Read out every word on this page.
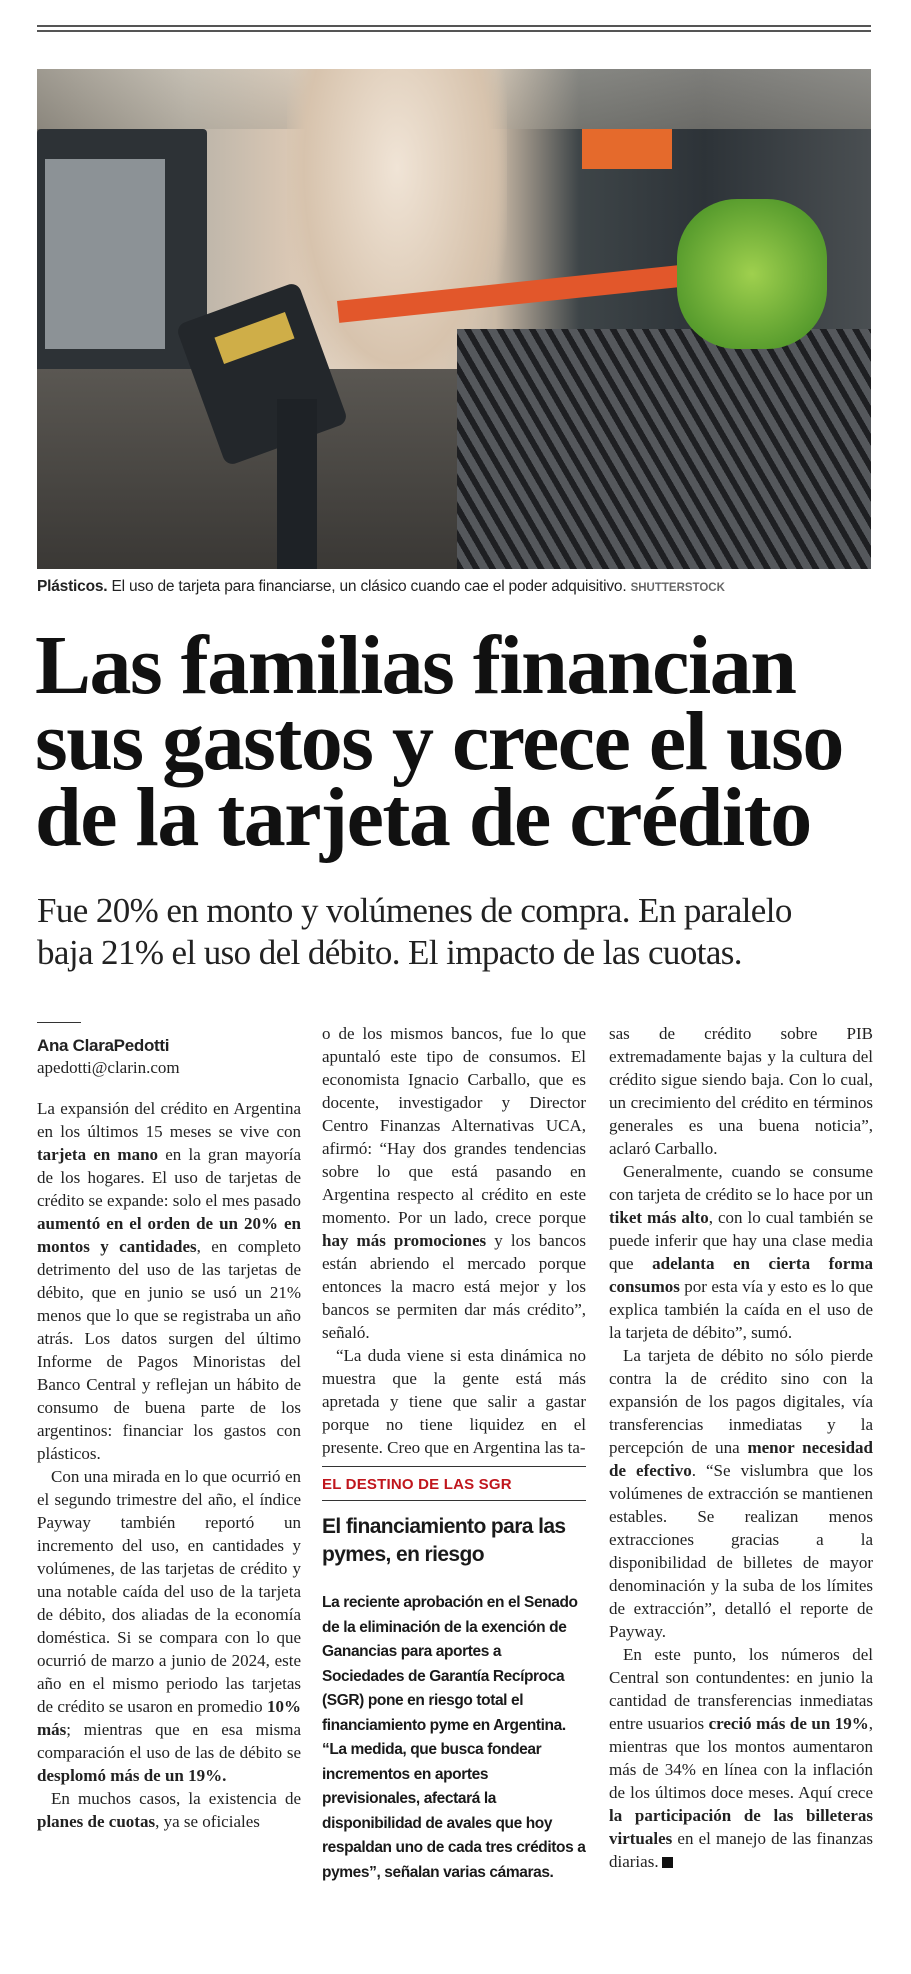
Plásticos. El uso de tarjeta para financiarse, un clásico cuando cae el poder adquisitivo. SHUTTERSTOCK
Las familias financian
sus gastos y crece el uso
de la tarjeta de crédito
Fue 20% en monto y volúmenes de compra. En paralelo
baja 21% el uso del débito. El impacto de las cuotas.
Ana ClaraPedotti
apedotti@clarin.com

La expansión del crédito en Argentina en los últimos 15 meses se vive con tarjeta en mano en la gran mayoría de los hogares. El uso de tarjetas de crédito se expande: solo el mes pasado aumentó en el orden de un 20% en montos y cantidades, en completo detrimento del uso de las tarjetas de débito, que en junio se usó un 21% menos que lo que se registraba un año atrás. Los datos surgen del último Informe de Pagos Minoristas del Banco Central y reflejan un hábito de consumo de buena parte de los argentinos: financiar los gastos con plásticos.

Con una mirada en lo que ocurrió en el segundo trimestre del año, el índice Payway también reportó un incremento del uso, en cantidades y volúmenes, de las tarjetas de crédito y una notable caída del uso de la tarjeta de débito, dos aliadas de la economía doméstica. Si se compara con lo que ocurrió de marzo a junio de 2024, este año en el mismo periodo las tarjetas de crédito se usaron en promedio 10% más; mientras que en esa misma comparación el uso de las de débito se desplomó más de un 19%.

En muchos casos, la existencia de planes de cuotas, ya se oficiales

o de los mismos bancos, fue lo que apuntaló este tipo de consumos. El economista Ignacio Carballo, que es docente, investigador y Director Centro Finanzas Alternativas UCA, afirmó: “Hay dos grandes tendencias sobre lo que está pasando en Argentina respecto al crédito en este momento. Por un lado, crece porque hay más promociones y los bancos están abriendo el mercado porque entonces la macro está mejor y los bancos se permiten dar más crédito”, señaló.

“La duda viene si esta dinámica no muestra que la gente está más apretada y tiene que salir a gastar porque no tiene liquidez en el presente. Creo que en Argentina las ta-

sas de crédito sobre PIB extremadamente bajas y la cultura del crédito sigue siendo baja. Con lo cual, un crecimiento del crédito en términos generales es una buena noticia”, aclaró Carballo.

Generalmente, cuando se consume con tarjeta de crédito se lo hace por un tiket más alto, con lo cual también se puede inferir que hay una clase media que adelanta en cierta forma consumos por esta vía y esto es lo que explica también la caída en el uso de la tarjeta de débito”, sumó.

La tarjeta de débito no sólo pierde contra la de crédito sino con la expansión de los pagos digitales, vía transferencias inmediatas y la percepción de una menor necesidad de efectivo. “Se vislumbra que los volúmenes de extracción se mantienen estables. Se realizan menos extracciones gracias a la disponibilidad de billetes de mayor denominación y la suba de los límites de extracción”, detalló el reporte de Payway.

En este punto, los números del Central son contundentes: en junio la cantidad de transferencias inmediatas entre usuarios creció más de un 19%, mientras que los montos aumentaron más de 34% en línea con la inflación de los últimos doce meses. Aquí crece la participación de las billeteras virtuales en el manejo de las finanzas diarias.

EL DESTINO DE LAS SGR
El financiamiento para las pymes, en riesgo
La reciente aprobación en el Senado de la eliminación de la exención de Ganancias para aportes a Sociedades de Garantía Recíproca (SGR) pone en riesgo total el financiamiento pyme en Argentina. “La medida, que busca fondear incrementos en aportes previsionales, afectará la disponibilidad de avales que hoy respaldan uno de cada tres créditos a pymes”, señalan varias cámaras.
